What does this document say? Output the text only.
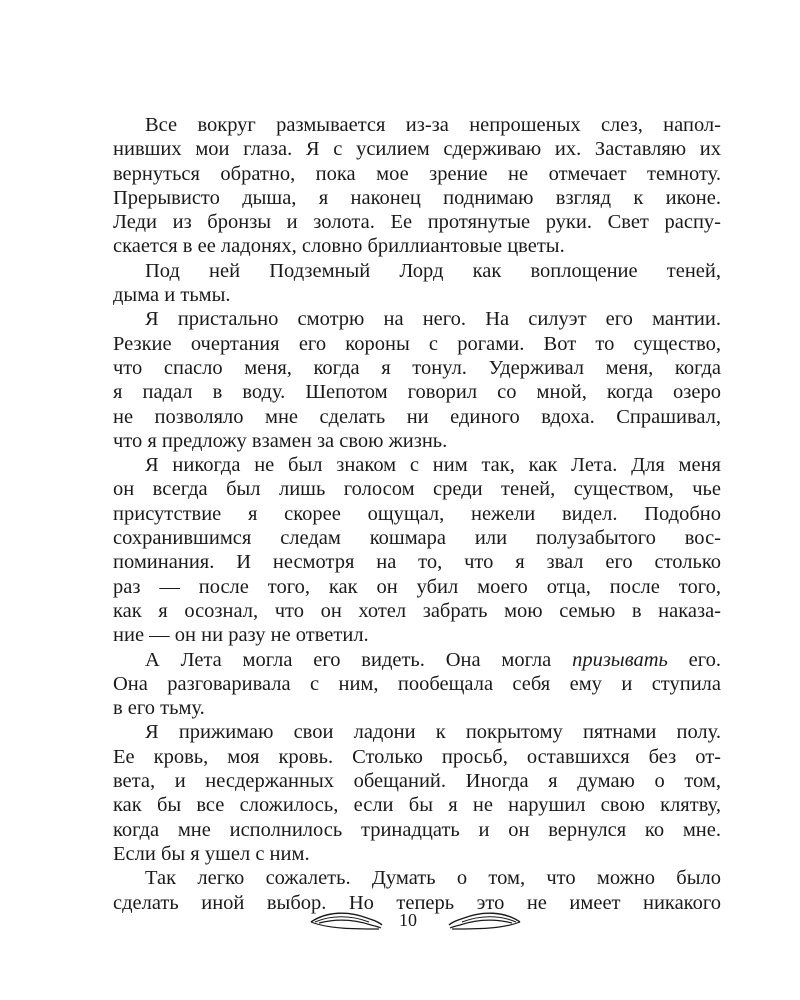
Все вокруг размывается из-за непрошеных слез, напол-
нивших мои глаза. Я с усилием сдерживаю их. Заставляю их
вернуться обратно, пока мое зрение не отмечает темноту.
Прерывисто дыша, я наконец поднимаю взгляд к иконе.
Леди из бронзы и золота. Ее протянутые руки. Свет распу-
скается в ее ладонях, словно бриллиантовые цветы.

Под ней Подземный Лорд как воплощение теней,
дыма и тьмы.

Я пристально смотрю на него. На силуэт его мантии.
Резкие очертания его короны с рогами. Вот то существо,
что спасло меня, когда я тонул. Удерживал меня, когда
я падал в воду. Шепотом говорил со мной, когда озеро
не позволяло мне сделать ни единого вдоха. Спрашивал,
что я предложу взамен за свою жизнь.

Я никогда не был знаком с ним так, как Лета. Для меня
он всегда был лишь голосом среди теней, существом, чье
присутствие я скорее ощущал, нежели видел. Подобно
сохранившимся следам кошмара или полузабытого вос-
поминания. И несмотря на то, что я звал его столько
раз — после того, как он убил моего отца, после того,
как я осознал, что он хотел забрать мою семью в наказа-
ние — он ни разу не ответил.

А Лета могла его видеть. Она могла призывать его.
Она разговаривала с ним, пообещала себя ему и ступила
в его тьму.

Я прижимаю свои ладони к покрытому пятнами полу.
Ее кровь, моя кровь. Столько просьб, оставшихся без от-
вета, и несдержанных обещаний. Иногда я думаю о том,
как бы все сложилось, если бы я не нарушил свою клятву,
когда мне исполнилось тринадцать и он вернулся ко мне.
Если бы я ушел с ним.

Так легко сожалеть. Думать о том, что можно было
сделать иной выбор. Но теперь это не имеет никакого

10
